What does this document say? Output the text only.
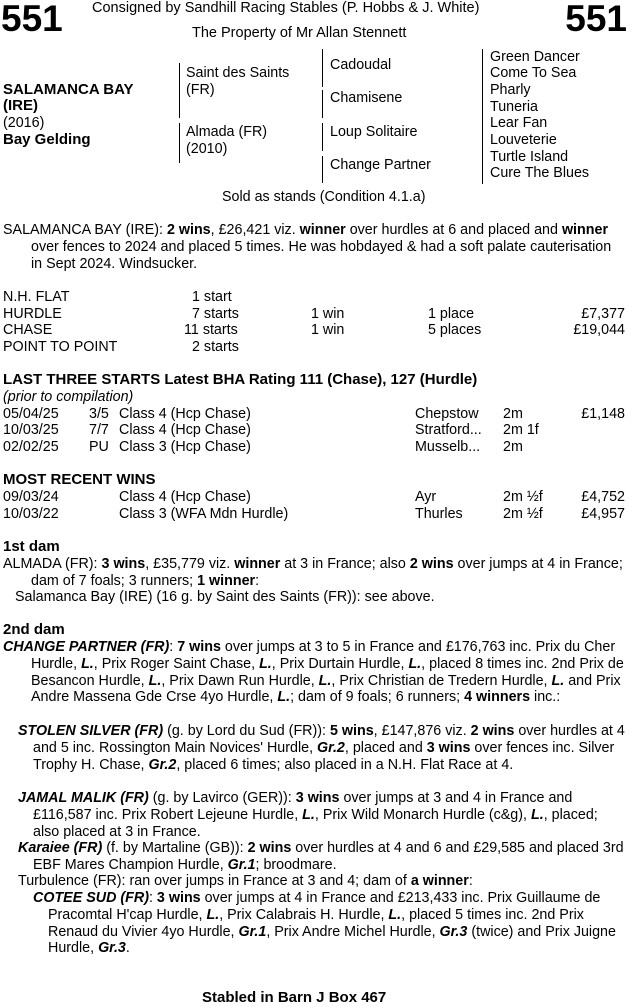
551	551
Consigned by Sandhill Racing Stables (P. Hobbs & J. White)
The Property of Mr Allan Stennett
SALAMANCA BAY
(IRE)
(2016)
Bay Gelding
Saint des Saints
(FR)
Almada (FR)
(2010)
Cadoudal
Chamisene
Loup Solitaire
Change Partner
Green Dancer
Come To Sea
Pharly
Tuneria
Lear Fan
Louveterie
Turtle Island
Cure The Blues
Sold as stands (Condition 4.1.a)

SALAMANCA BAY (IRE): 2 wins, £26,421 viz. winner over hurdles at 6 and placed and winner over fences to 2024 and placed 5 times. He was hobdayed & had a soft palate cauterisation in Sept 2024. Windsucker.

N.H. FLAT	1 start
HURDLE	7 starts	1 win	1 place	£7,377
CHASE	11 starts	1 win	5 places	£19,044
POINT TO POINT	2 starts
LAST THREE STARTS Latest BHA Rating 111 (Chase), 127 (Hurdle)
(prior to compilation)
05/04/25 3/5 Class 4 (Hcp Chase)	Chepstow 2m	£1,148
10/03/25 7/7 Class 4 (Hcp Chase)	Stratford... 2m 1f
02/02/25 PU Class 3 (Hcp Chase)	Musselb... 2m
MOST RECENT WINS
09/03/24	Class 4 (Hcp Chase)	Ayr	2m ½f	£4,752
10/03/22	Class 3 (WFA Mdn Hurdle)	Thurles	2m ½f	£4,957
1st dam

ALMADA (FR): 3 wins, £35,779 viz. winner at 3 in France; also 2 wins over jumps at 4 in France; dam of 7 foals; 3 runners; 1 winner:

Salamanca Bay (IRE) (16 g. by Saint des Saints (FR)): see above.
2nd dam

CHANGE PARTNER (FR): 7 wins over jumps at 3 to 5 in France and £176,763 inc. Prix du Cher Hurdle, L., Prix Roger Saint Chase, L., Prix Durtain Hurdle, L., placed 8 times inc. 2nd Prix de Besancon Hurdle, L., Prix Dawn Run Hurdle, L., Prix Christian de Tredern Hurdle, L. and Prix Andre Massena Gde Crse 4yo Hurdle, L.; dam of 9 foals; 6 runners; 4 winners inc.:

STOLEN SILVER (FR) (g. by Lord du Sud (FR)): 5 wins, £147,876 viz. 2 wins over hurdles at 4 and 5 inc. Rossington Main Novices' Hurdle, Gr.2, placed and 3 wins over fences inc. Silver Trophy H. Chase, Gr.2, placed 6 times; also placed in a N.H. Flat Race at 4.

JAMAL MALIK (FR) (g. by Lavirco (GER)): 3 wins over jumps at 3 and 4 in France and £116,587 inc. Prix Robert Lejeune Hurdle, L., Prix Wild Monarch Hurdle (c&g), L., placed; also placed at 3 in France.

Karaiee (FR) (f. by Martaline (GB)): 2 wins over hurdles at 4 and 6 and £29,585 and placed 3rd EBF Mares Champion Hurdle, Gr.1; broodmare.

Turbulence (FR): ran over jumps in France at 3 and 4; dam of a winner:

COTEE SUD (FR): 3 wins over jumps at 4 in France and £213,433 inc. Prix Guillaume de Pracomtal H'cap Hurdle, L., Prix Calabrais H. Hurdle, L., placed 5 times inc. 2nd Prix Renaud du Vivier 4yo Hurdle, Gr.1, Prix Andre Michel Hurdle, Gr.3 (twice) and Prix Juigne Hurdle, Gr.3.

Stabled in Barn J Box 467
